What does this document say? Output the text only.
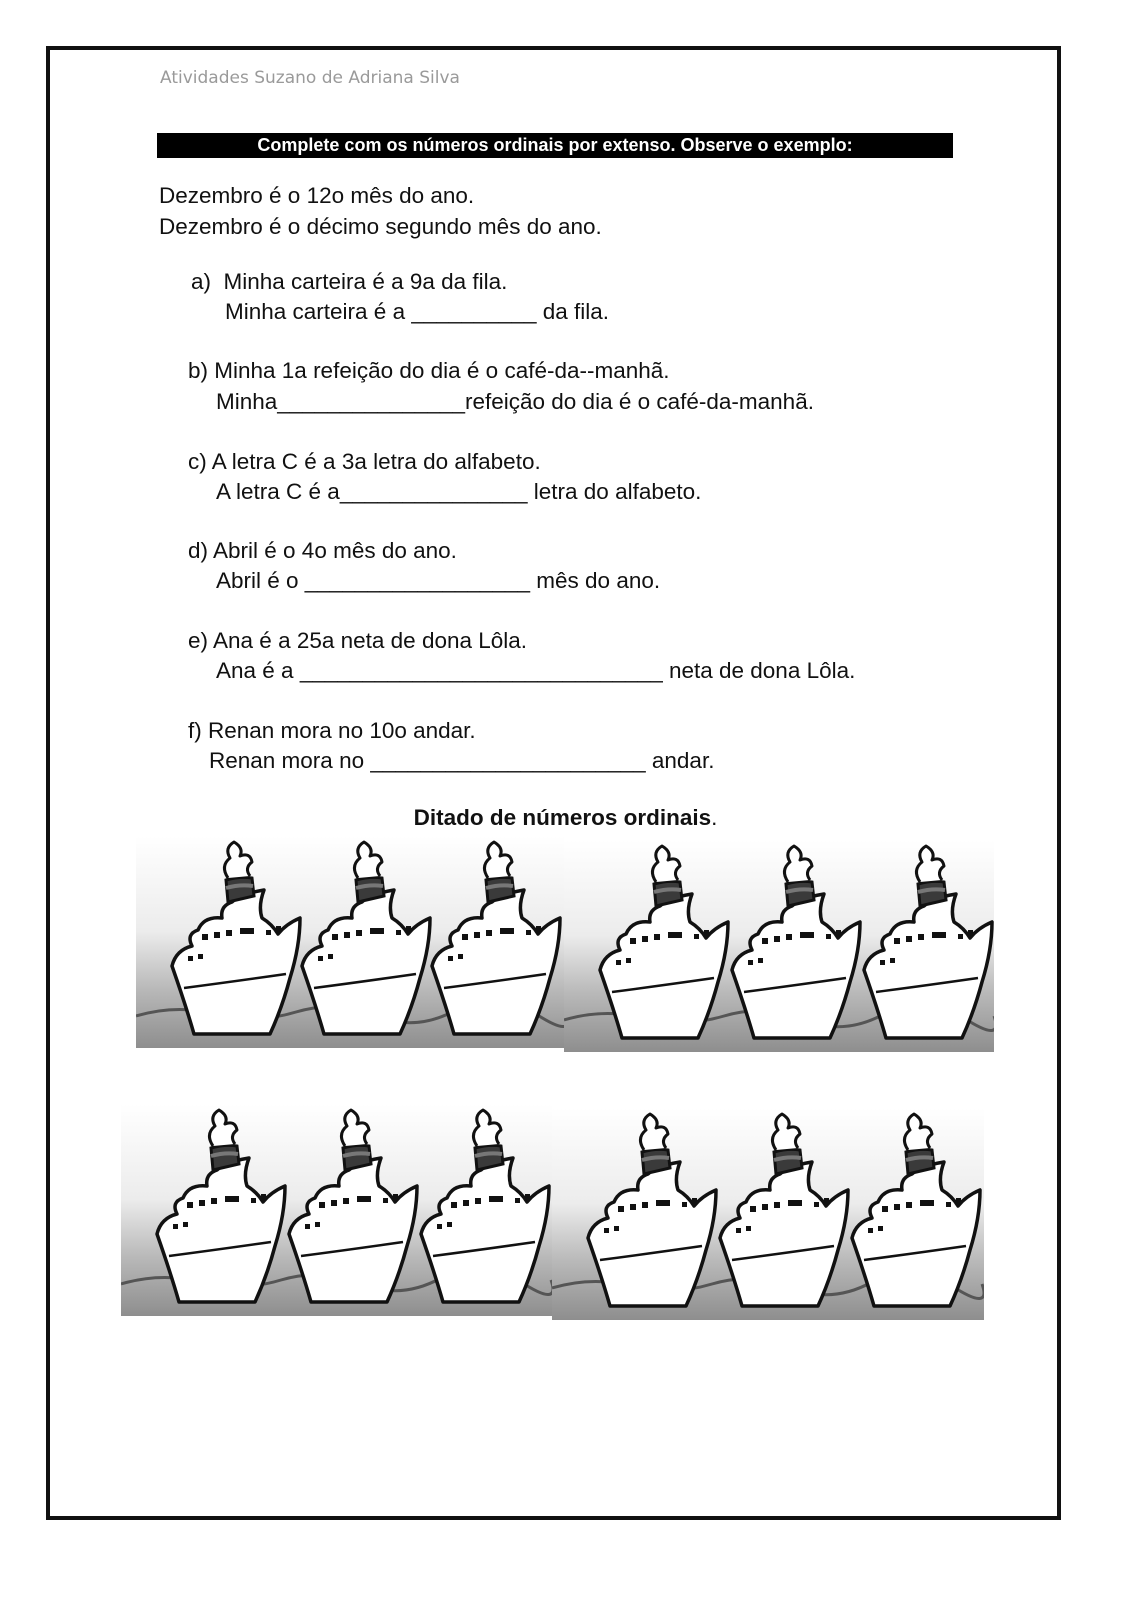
Atividades Suzano de Adriana Silva
Complete com os números ordinais por extenso. Observe o exemplo:
Dezembro é o 12o mês do ano.
Dezembro é o décimo segundo mês do ano.
a)  Minha carteira é a 9a da fila.
Minha carteira é a __________ da fila.
b) Minha 1a refeição do dia é o café-da--manhã.
Minha_______________refeição do dia é o café-da-manhã.
c) A letra C é a 3a letra do alfabeto.
A letra C é a_______________ letra do alfabeto.
d) Abril é o 4o mês do ano.
Abril é o __________________ mês do ano.
e) Ana é a 25a neta de dona Lôla.
Ana é a _____________________________ neta de dona Lôla.
f) Renan mora no 10o andar.
Renan mora no ______________________ andar.
Ditado de números ordinais.
